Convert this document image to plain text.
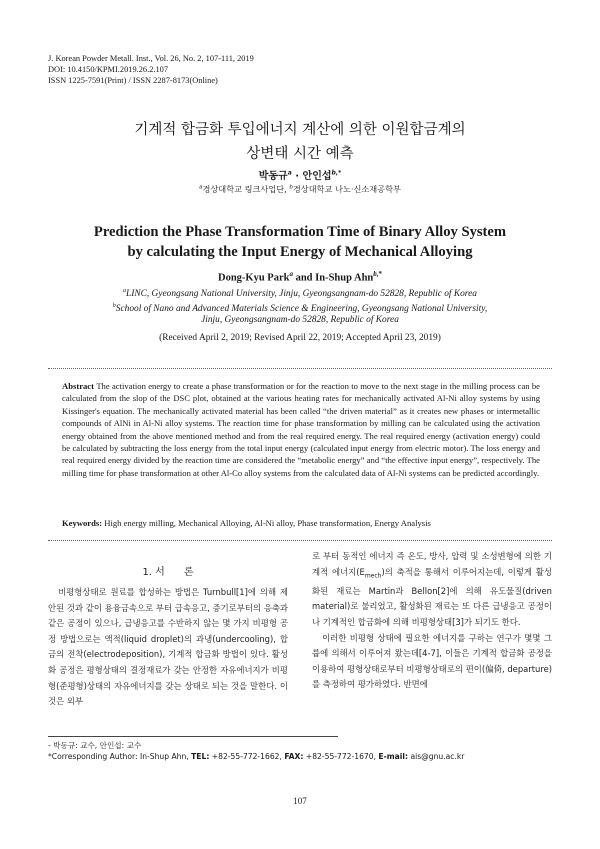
J. Korean Powder Metall. Inst., Vol. 26, No. 2, 107-111, 2019
DOI: 10.4150/KPMI.2019.26.2.107
ISSN 1225-7591(Print) / ISSN 2287-8173(Online)
기계적 합금화 투입에너지 계산에 의한 이원합금계의
상변태 시간 예측
박동규$^a$ · 안인섭$^{b,*}$
$^a$경상대학교 링크사업단, $^b$경상대학교 나노·신소재공학부
Prediction the Phase Transformation Time of Binary Alloy System
by calculating the Input Energy of Mechanical Alloying
Dong-Kyu Park$^a$ and In-Shup Ahn$^{b,*}$
$^a$LINC, Gyeongsang National University, Jinju, Gyeongsangnam-do 52828, Republic of Korea
$^b$School of Nano and Advanced Materials Science & Engineering, Gyeongsang National University,
Jinju, Gyeongsangnam-do 52828, Republic of Korea
(Received April 2, 2019; Revised April 22, 2019; Accepted April 23, 2019)
Abstract The activation energy to create a phase transformation or for the reaction to move to the next stage in the milling process can be calculated from the slop of the DSC plot, obtained at the various heating rates for mechanically activated Al-Ni alloy systems by using Kissinger's equation. The mechanically activated material has been called “the driven material” as it creates new phases or intermetallic compounds of AlNi in Al-Ni alloy systems. The reaction time for phase transformation by milling can be calculated using the activation energy obtained from the above mentioned method and from the real required energy. The real required energy (activation energy) could be calculated by subtracting the loss energy from the total input energy (calculated input energy from electric motor). The loss energy and real required energy divided by the reaction time are considered the “metabolic energy” and “the effective input energy”, respectively. The milling time for phase transformation at other Al-Co alloy systems from the calculated data of Al-Ni systems can be predicted accordingly.
Keywords: High energy milling, Mechanical Alloying, Al-Ni alloy, Phase transformation, Energy Analysis
1. 서      론

비평형상태로 원료를 합성하는 방법은 Turnbull[1]에 의해 제안된 것과 같이 용융금속으로 부터 급속응고, 증기로부터의 응축과 같은 공정이 있으나, 급냉응고를 수반하지 않는 몇 가지 비평형 공정 방법으로는 액적(liquid droplet)의 과냉(undercooling), 합금의 전착(electrodeposition), 기계적 합금화 방법이 있다. 활성화 공정은 평형상태의 결정재료가 갖는 안정한 자유에너지가 비평형(준평형)상태의 자유에너지를 갖는 상태로 되는 것을 말한다. 이것은 외부

로 부터 동적인 에너지 즉 온도, 방사, 압력 및 소성변형에 의한 기계적 에너지$(E_{mech})$의 축적을 통해서 이루어지는데, 이렇게 활성화된 재료는 Martin과 Bellon[2]에 의해 유도물질(driven material)로 불리었고, 활성화된 재료는 또 다른 급냉응고 공정이나 기계적인 합금화에 의해 비평형상태[3]가 되기도 한다.

이러한 비평형 상태에 필요한 에너지를 구하는 연구가 몇몇 그룹에 의해서 이루어져 왔는데[4-7], 이들은 기계적 합금화 공정을 이용하여 평형상태로부터 비평형상태로의 편이(偏倚, departure)를 측정하여 평가하였다. 반면에

- 박동규: 교수, 안인섭: 교수
*Corresponding Author: In-Shup Ahn, TEL: +82-55-772-1662, FAX: +82-55-772-1670, E-mail: ais@gnu.ac.kr
107
